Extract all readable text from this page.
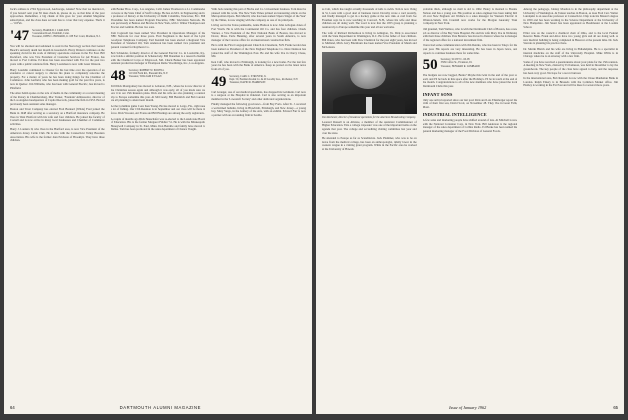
Jack's address is 2704 Spycewood, Anchorage, Alaska? Now that we mention it, if you haven't sent your $5 dues check in, please do so, as that time of the year approaches. Remember, a big chunk of this goes for your Alumni Magazine subscription, and the class dues account has to cover that very expense. That's it — 'til Feb.

'47 Secretary, HAROLD J. CARLSON
3 Ascension Road, Trumbull, Conn.
Treasurer, JOHN C. HOWARD, Jr. 188 Fort Court, Madison, N.J.

You will be shocked and saddened to read in the Necrology section that Gerard Beach's seriously death last month in Greenwich. Harry Dickert continues on the speaking circuit in his work of military operations overseas in the Far East. Bill Rockford, who was Vice President of Customer Services for Air France, has moved to Fort Collins. Ed Ross has been associated with Fox for the past two years with a public relations firm. Harry Lauridsen is now with Great Western.

Harry Laudslin commuted to Chester for his last time over the operation of an extensive or cancer surgery to discuss his plans to completely renovate the property. For a matter of years he has been doing things for the Chamber of Commerce. John Garfield, who has been making gold for the past five years, is now in Quebec. Jim Williams, who has been with General Electric, has moved to Pittsfield.

The Alan Zehm spoke on the role of media in the community at a recent meeting of the Rotary in Chambersburg. Mac Turner, 'Fountain' Ambassador, director of the Los Angeles headquarters of Capitol Records, joined the firm in 1953. He had previously been assistant sales manager.

Boston and Trust Company has elected Fred Burnard (Wilde) Fred joined the Bank in 1948 after serving as a secretary on a Hartford insurance company. He lives in West Hartford with his wife and four children. He joined the faculty of Cornell and is now active in many local businesses and Chamber of Commerce activities.

Harry J. Landers II, who lives in the Hartford area, is now Vice President of the American Jersey Cattle Club. He is also with the Connecticut Valley Breeders Association. His wife is the former Jean Erickson of Brooklyn. They have three children.

with Barker Bros. Corp., Los Angeles, Calif. James Thomson is a Lt. Commander on leave at the State Chief of Staff College. He has an M.S. in Engineering and is a professor of history at the University of Delhi Columbia, Vancouver, B.C. Bill Thorndike has been named Program Executive, NBC Television Network. He was previously at Benton and Bowles in New York, with J. Walter Thompson and Procter and Gamble. He has two sons.

Tom Cogswell has been named Vice President in Operations Manager of the NBC Network for over three years. Fred Stegmann is the head of the Lynn Goodyear Telephone Company. Earl Kendall has been elected a Regional Vice President of Standard Oil, Tom Anderson has been named vice president and general counsel for Raytheon Co.

Bob Schneider, formerly director of the General Electric Co. in Louisville, Ky., now holds a similar position in Schenectady. Bill Daneman is a research chemist with the Chemical Corps at Edgewood, Md. Chuck Barker has been appointed assistant production manager at Thompson Ramo Wooldridge, Inc., Los Angeles.

48 Secretary, ROBERT W. POWELL
110 Old Farm Rd., Pleasantville, N.Y.
Treasurer, WILLIAM P. EGAN

Still Dick Montgomery has moved to Lebanon, N.H., where he is now director of the Christmas season again and although it was early, all of you made sure we saw it in our 15th Reunion plans. Dick and his wife are also planning a reunion trip to Europe sometime this year. Al McCready, Bill Hendrich and Bob Landon are all planning to attend next month.

At the Columbia game I saw Ken Young. He has moved to Largo, Fla., right near a lot of fishing. Our 15th Reunion is in September and our class will be there in force. Dick Wooster, Art Evans and Bill Hastings are among the early registrants.

A couple of months ago Dick Neuschafer was re-elected to the Lansdowne Board of Education. His is the former Margaret Fiddler '51. He is with the Minneapolis Honeywell Company in St. Paul, Minn. Don Hendrie and family have moved to Dallas. Tom has been promoted in the sales department of Chance Vought.

With Jack running this part of Hoche and Co.'s investment business. Tom must be pleased with his work. The New York Times printed an interesting article on the Metropolitan Opera. Bob Merrill, who has been named 'Opera Singer of the Year' by the Times, is now singing with the company as one of its principals.

Living out in the Texas panhandle, Arnie Hudson is now John Arbogast-Jones of Fort Worth. He is with the Continental Oil Co. and has four children. Chuck Warner, a Vice President of the First National Bank of Boston, has moved to Dover, Mass. Earle Henning, after several years in South America, is now manager of the Caracas office for an international construction firm.

He is with the First Congregational Church in Claremont, N.H. Frank Gordon has been named as President of the New England Telephone Co. Dave Denison has joined the staff of the Washington Post. He and his wife live in Chevy Chase, Md.

Ken Cuff, who moved to Pittsburgh, is looking for a new home. For the last few years he has been with the Bank of America. Keep us posted on the latest news from all of you.

49 Secretary, CARL C. STROVER, Jr.
Dept. 50, Eastman Kodak Co. & 40 Goodby Ave., Rochester, N.Y.
Treasurer, DAVID R. HARRISON

Carl Granger, one of our medical specialists, has dropped his Goldstein. Carl now is a surgeon at the Hospital in Oakland. Carl is also serving as an important member in the 'Lowestoft Society' and other dedicated organizations.

Finally managed the following good news—from Boy Forts. After St. J. received a well-timed bulletin, living in Blowbirdt, Pittsburgh, and New Jersey—a young boy, Mary Vergo, in the Gallery of the Arts, with an exhibit. Edward Farr is now a partner with an accounting firm in Seattle.

64	DARTMOUTH ALUMNI MAGAZINE

as Cub, which has taught actually thousands of kids to swim. Tom is now living in St. Louis with a good deal of business travel. Dorothy wrote a card recently, and finally managed to get in a hockey game at the new rink. A card from Joe Freeman says he is now teaching in Concord, N.H., where his wife and three children are all doing well. The word is now that the 1953 group is planning a reunion trip to Europe sometime this year and all are welcome.

The wife of Richard Richardson is living in Arlington, Va. Dick is associated with the State Department in Washington, D.C. He is the father of four children. Bill Oates, who has been with Dow Chemical for the past eight years, has moved to Midland, Mich. Jerry Blackburn has been named Vice President of Marsh and McLennan.

Don Rochester, director of broadcast operations for the American Broadcasting Company.

Leonard Russell is an Allstate, a member of the Assistant Commissioner of Higher Education. This a college 'exposure' was one of the important items on the agenda that year. The college and accrediting visiting committee last year and over the state.

He attended to Europe as far as Scandinavia. Jack Plummer, who was to be on leave from the medical college, has been an anthropologist, tidally lower in the western tongue in a visiting grant program. While in the Pacific area he worked at the University of Hawaii.

probable thick, although no mail is old to 1962. Henry is married to Bonnie Nelson and has a young son. His position as sales engineer has been taking him all over New England. Art Wallace is a sales manager for Western Electric in Winston-Salem. Jim Crandall now works for the Morgan Guaranty Trust Company in New York.

Old grandad, Tom Wallace, who is with the Dartmouth Club of Boston, has a new job as director of the Bay State Hospital. He and his wife Mary live in Wellesley with their three children. Pete Barstow has moved to Denver where he is manager of the regional office for a national investment firm.

I have had some communication with Jim Dennis, who has been in Tokyo for the past year. His reports are very interesting. He has been in Japan twice, and expects to continue business there for some time.

50 Secretary, SCOTT C. OLIN
3309 Colfax St., Evanston, Ill.
Treasurer, HOWARD R. LOMBARD

The budgets are now bagged, Burns? Maybe this twist in the end of the year so well, and I'll be back in this space after the Holidays. I'll be in touch at the end of the month. Congratulations to all of the new members who have joined the local Dartmouth Clubs this year.

INFANT SONS

Only one arrival reported since our last post: Rick and Lois Ellenberger report the birth of their first son, David Scott, on November 28. They live in Great Falls, Mont.

INDUSTRIAL INTELLIGENCE

A few sales and marketing people have shifted around of late. Al Mitchell is now with the National Container Corp. in New York. Bill Anderson is the regional manager of the sales department of Collins Radio. Ed Burke has been named the general marketing manager of the Food Division of General Foods.

Among the pedagogs, Johnny Moulton is in the philosophy department at the University of Washington. Al Tanner teaches in Boston, as does Fred Carr. Walter Lundquist is an associate professor at Connecticut. Chip took his Master's degree in 1959 and has been working in the Science Department at the University of New Hampshire. Jim Stuart has been appointed as Headmaster at the Loomis School.

Elliot was on the council a chemical chair of Ohio, and to the local Federal Reserve Bank. Frank and Alice have two young girls and all are doing well. A new medical building is being completed in Hanover at the present time. Dr. Jack Stevens is planning his practice there.

Dr. Martin Bleich and his wife are living in Philadelphia. He is a specialist in internal medicine on the staff of the University Hospital. Mike Willis is in Chicago where he is an attorney with a law firm.

Some of you have received a questionnaire about your plans for the 15th reunion. A meeting in New York, chaired by Ed Jameson, was held in December to lay the groundwork. The key people of the class have agreed to help, and the response has been very good. We hope for a record turnout.

In the international area, Bob Ransom is now with the Chase Manhattan Bank in London. Ralph Emery is in Brussels with the Common Market office. Jim Hartley is working in the Far East and will be there for several more years.

Issue of January 1962	65
